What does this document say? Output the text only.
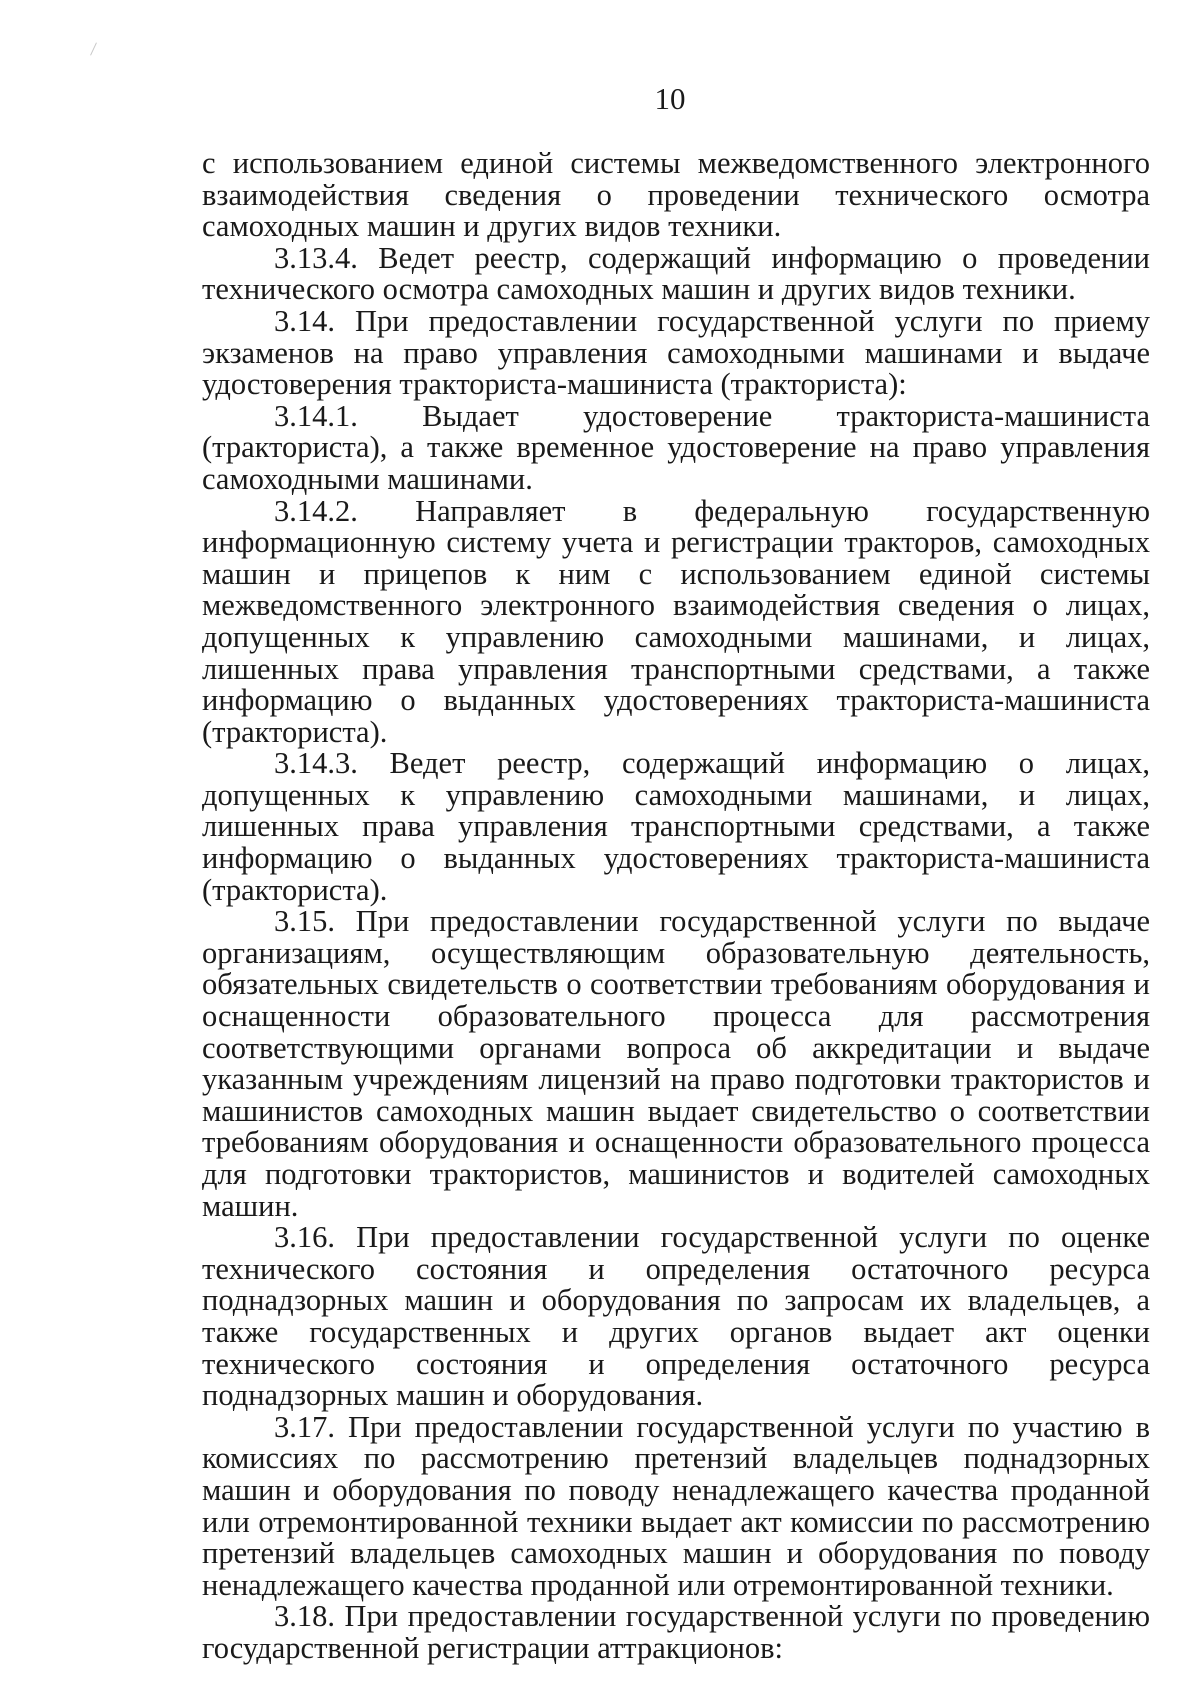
10

с использованием единой системы межведомственного электронного взаимодействия сведения о проведении технического осмотра самоходных машин и других видов техники.

3.13.4. Ведет реестр, содержащий информацию о проведении технического осмотра самоходных машин и других видов техники.

3.14. При предоставлении государственной услуги по приему экзаменов на право управления самоходными машинами и выдаче удостоверения тракториста-машиниста (тракториста):

3.14.1. Выдает удостоверение тракториста-машиниста (тракториста), а также временное удостоверение на право управления самоходными машинами.

3.14.2. Направляет в федеральную государственную информационную систему учета и регистрации тракторов, самоходных машин и прицепов к ним с использованием единой системы межведомственного электронного взаимодействия сведения о лицах, допущенных к управлению самоходными машинами, и лицах, лишенных права управления транспортными средствами, а также информацию о выданных удостоверениях тракториста-машиниста (тракториста).

3.14.3. Ведет реестр, содержащий информацию о лицах, допущенных к управлению самоходными машинами, и лицах, лишенных права управления транспортными средствами, а также информацию о выданных удостоверениях тракториста-машиниста (тракториста).

3.15. При предоставлении государственной услуги по выдаче организациям, осуществляющим образовательную деятельность, обязательных свидетельств о соответствии требованиям оборудования и оснащенности образовательного процесса для рассмотрения соответствующими органами вопроса об аккредитации и выдаче указанным учреждениям лицензий на право подготовки трактористов и машинистов самоходных машин выдает свидетельство о соответствии требованиям оборудования и оснащенности образовательного процесса для подготовки трактористов, машинистов и водителей самоходных машин.

3.16. При предоставлении государственной услуги по оценке технического состояния и определения остаточного ресурса поднадзорных машин и оборудования по запросам их владельцев, а также государственных и других органов выдает акт оценки технического состояния и определения остаточного ресурса поднадзорных машин и оборудования.

3.17. При предоставлении государственной услуги по участию в комиссиях по рассмотрению претензий владельцев поднадзорных машин и оборудования по поводу ненадлежащего качества проданной или отремонтированной техники выдает акт комиссии по рассмотрению претензий владельцев самоходных машин и оборудования по поводу ненадлежащего качества проданной или отремонтированной техники.

3.18. При предоставлении государственной услуги по проведению государственной регистрации аттракционов:
